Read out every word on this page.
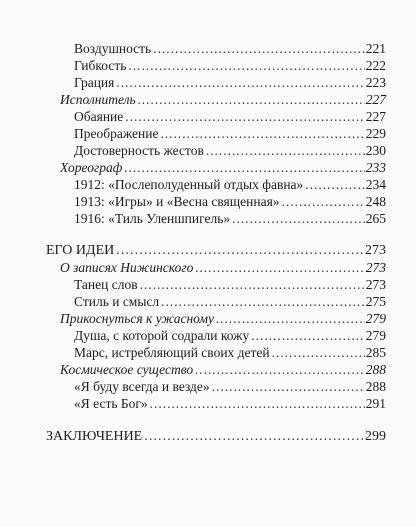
Воздушность . . .	221
Гибкость . . .	222
Грация . . .	223
Исполнитель . . .	227
Обаяние . . .	227
Преображение . . .	229
Достоверность жестов . . .	230
Хореограф . . .	233
1912: «Послеполуденный отдых фавна» . . .	234
1913: «Игры» и «Весна священная» . . .	248
1916: «Тиль Уленшпигель» . . .	265
ЕГО ИДЕИ . . .	273
О записях Нижинского . . .	273
Танец слов . . .	273
Стиль и смысл . . .	275
Прикоснуться к ужасному . . .	279
Душа, с которой содрали кожу . . .	279
Марс, истребляющий своих детей . . .	285
Космическое существо . . .	288
«Я буду всегда и везде» . . .	288
«Я есть Бог» . . .	291
ЗАКЛЮЧЕНИЕ . . .	299
